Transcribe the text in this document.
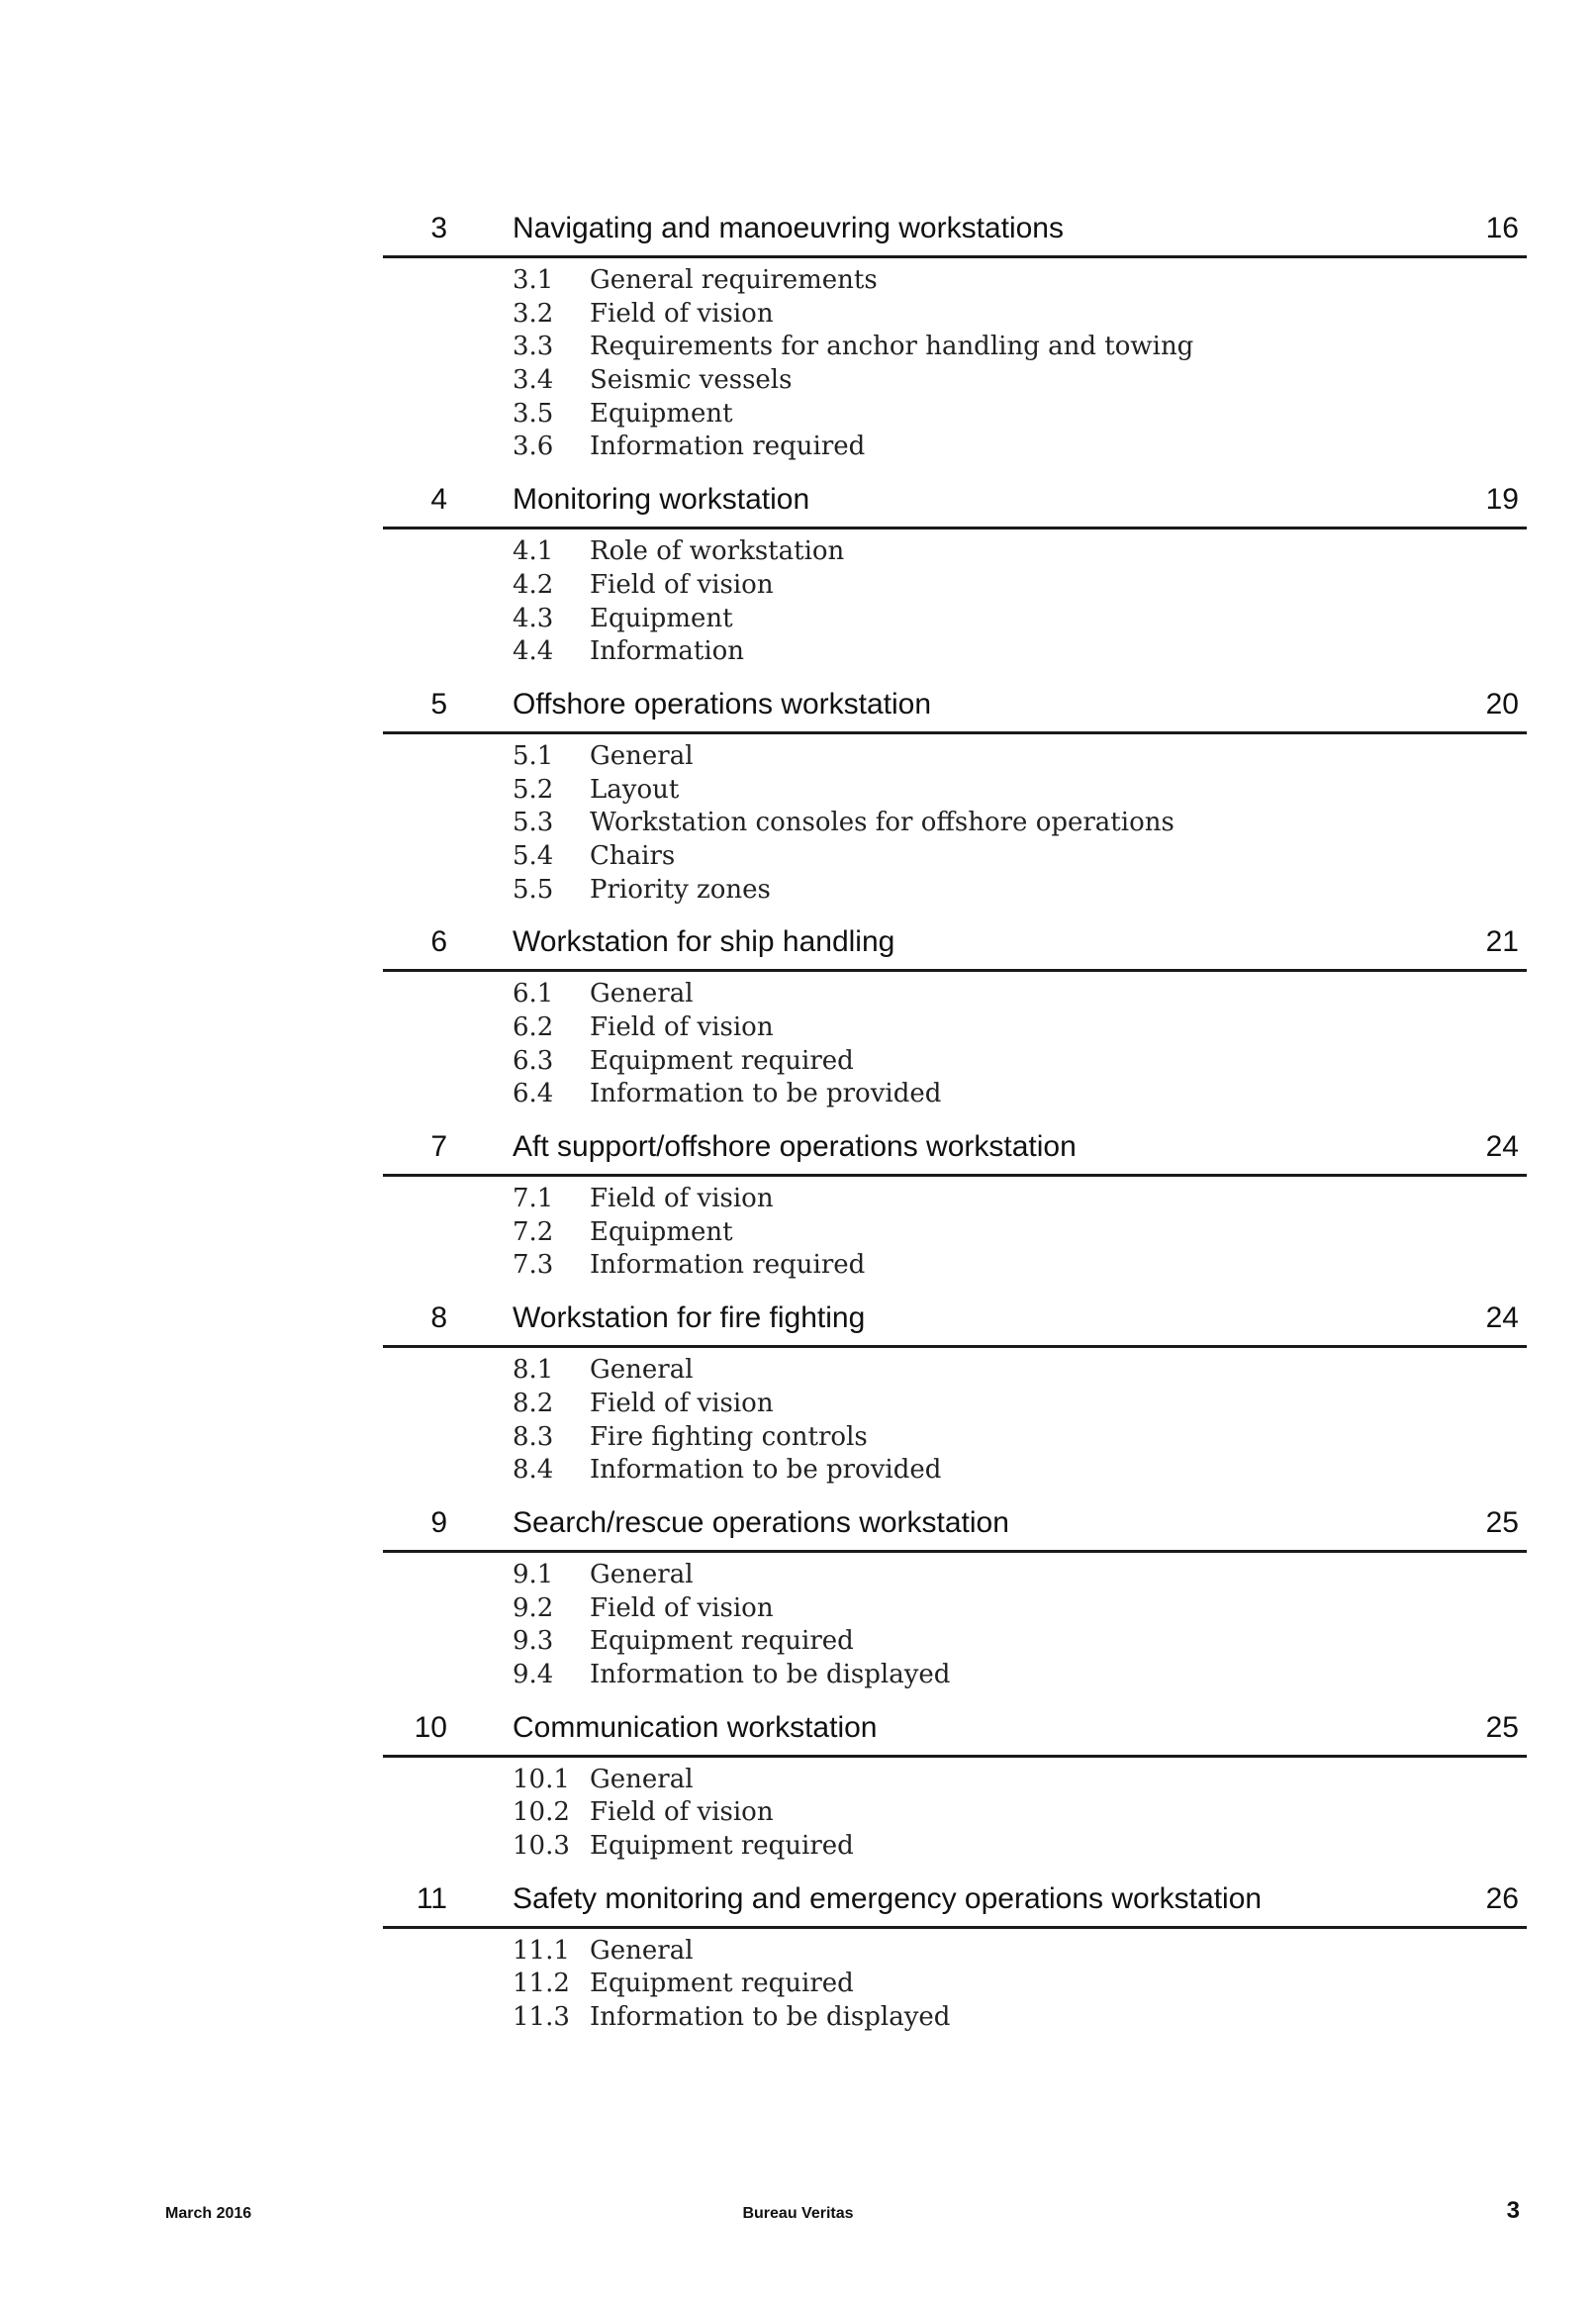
3 Navigating and manoeuvring workstations	16
3.1 General requirements
3.2 Field of vision
3.3 Requirements for anchor handling and towing
3.4 Seismic vessels
3.5 Equipment
3.6 Information required
4 Monitoring workstation	19
4.1 Role of workstation
4.2 Field of vision
4.3 Equipment
4.4 Information
5 Offshore operations workstation	20
5.1 General
5.2 Layout
5.3 Workstation consoles for offshore operations
5.4 Chairs
5.5 Priority zones
6 Workstation for ship handling	21
6.1 General
6.2 Field of vision
6.3 Equipment required
6.4 Information to be provided
7 Aft support/offshore operations workstation	24
7.1 Field of vision
7.2 Equipment
7.3 Information required
8 Workstation for fire fighting	24
8.1 General
8.2 Field of vision
8.3 Fire fighting controls
8.4 Information to be provided
9 Search/rescue operations workstation	25
9.1 General
9.2 Field of vision
9.3 Equipment required
9.4 Information to be displayed
10 Communication workstation	25
10.1 General
10.2 Field of vision
10.3 Equipment required
11 Safety monitoring and emergency operations workstation	26
11.1 General
11.2 Equipment required
11.3 Information to be displayed
March 2016	Bureau Veritas	3
